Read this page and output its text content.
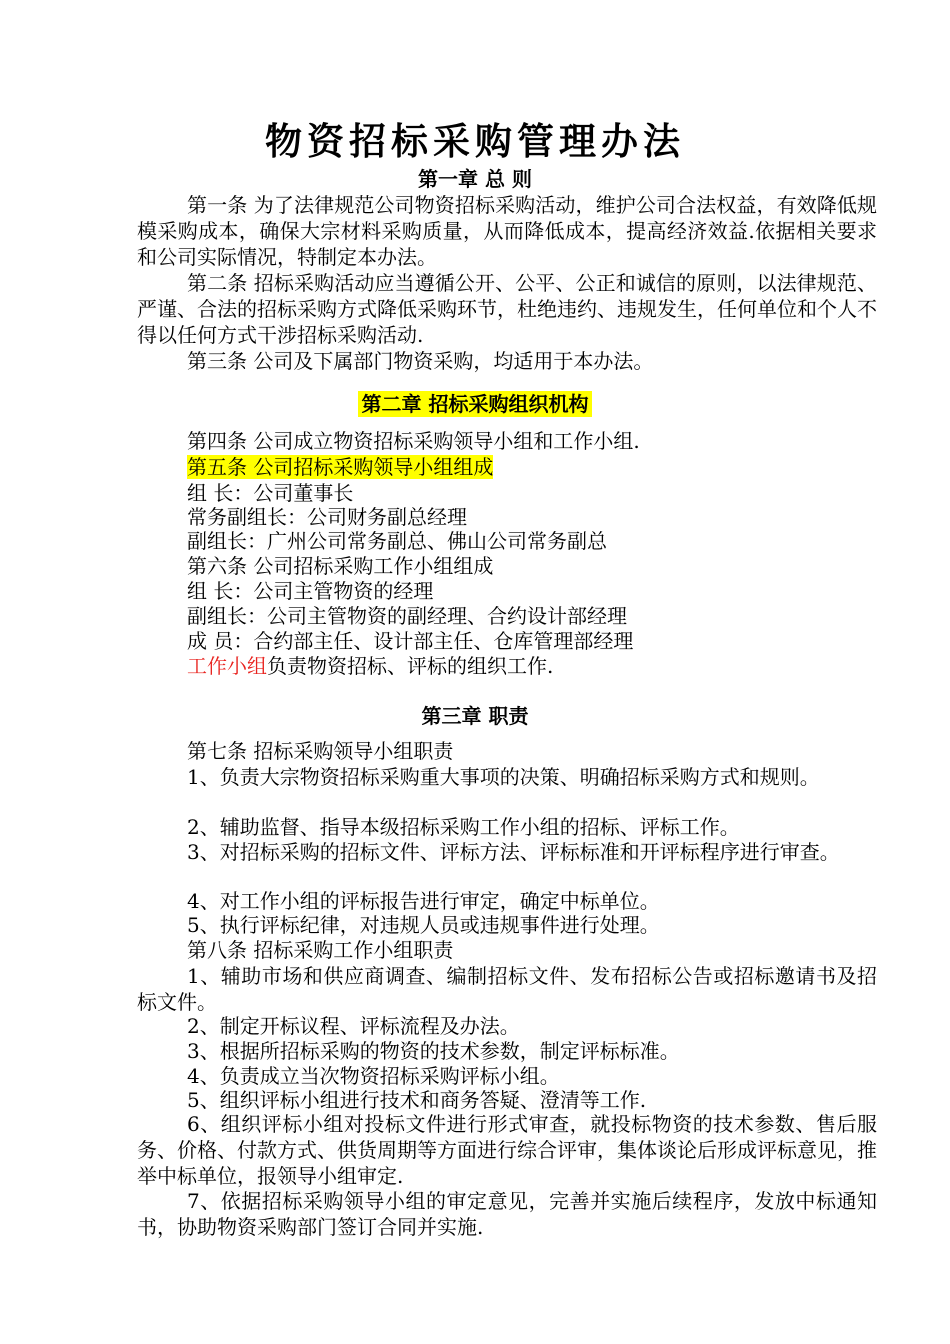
物资招标采购管理办法
第一章 总 则
第一条 为了法律规范公司物资招标采购活动，维护公司合法权益，有效降低规模采购成本，确保大宗材料采购质量，从而降低成本，提高经济效益.依据相关要求和公司实际情况，特制定本办法。
第二条 招标采购活动应当遵循公开、公平、公正和诚信的原则，以法律规范、严谨、合法的招标采购方式降低采购环节，杜绝违约、违规发生，任何单位和个人不得以任何方式干涉招标采购活动.
第三条 公司及下属部门物资采购，均适用于本办法。
第二章 招标采购组织机构
第四条 公司成立物资招标采购领导小组和工作小组.
第五条 公司招标采购领导小组组成
组 长：公司董事长
常务副组长：公司财务副总经理
副组长：广州公司常务副总、佛山公司常务副总
第六条 公司招标采购工作小组组成
组 长：公司主管物资的经理
副组长：公司主管物资的副经理、合约设计部经理
成 员：合约部主任、设计部主任、仓库管理部经理
工作小组负责物资招标、评标的组织工作.
第三章 职责
第七条 招标采购领导小组职责
1、负责大宗物资招标采购重大事项的决策、明确招标采购方式和规则。
2、辅助监督、指导本级招标采购工作小组的招标、评标工作。
3、对招标采购的招标文件、评标方法、评标标准和开评标程序进行审查。
4、对工作小组的评标报告进行审定，确定中标单位。
5、执行评标纪律，对违规人员或违规事件进行处理。
第八条 招标采购工作小组职责
1、辅助市场和供应商调查、编制招标文件、发布招标公告或招标邀请书及招标文件。
2、制定开标议程、评标流程及办法。
3、根据所招标采购的物资的技术参数，制定评标标准。
4、负责成立当次物资招标采购评标小组。
5、组织评标小组进行技术和商务答疑、澄清等工作.
6、组织评标小组对投标文件进行形式审查，就投标物资的技术参数、售后服务、价格、付款方式、供货周期等方面进行综合评审，集体谈论后形成评标意见，推举中标单位，报领导小组审定.
7、依据招标采购领导小组的审定意见，完善并实施后续程序，发放中标通知书，协助物资采购部门签订合同并实施.
